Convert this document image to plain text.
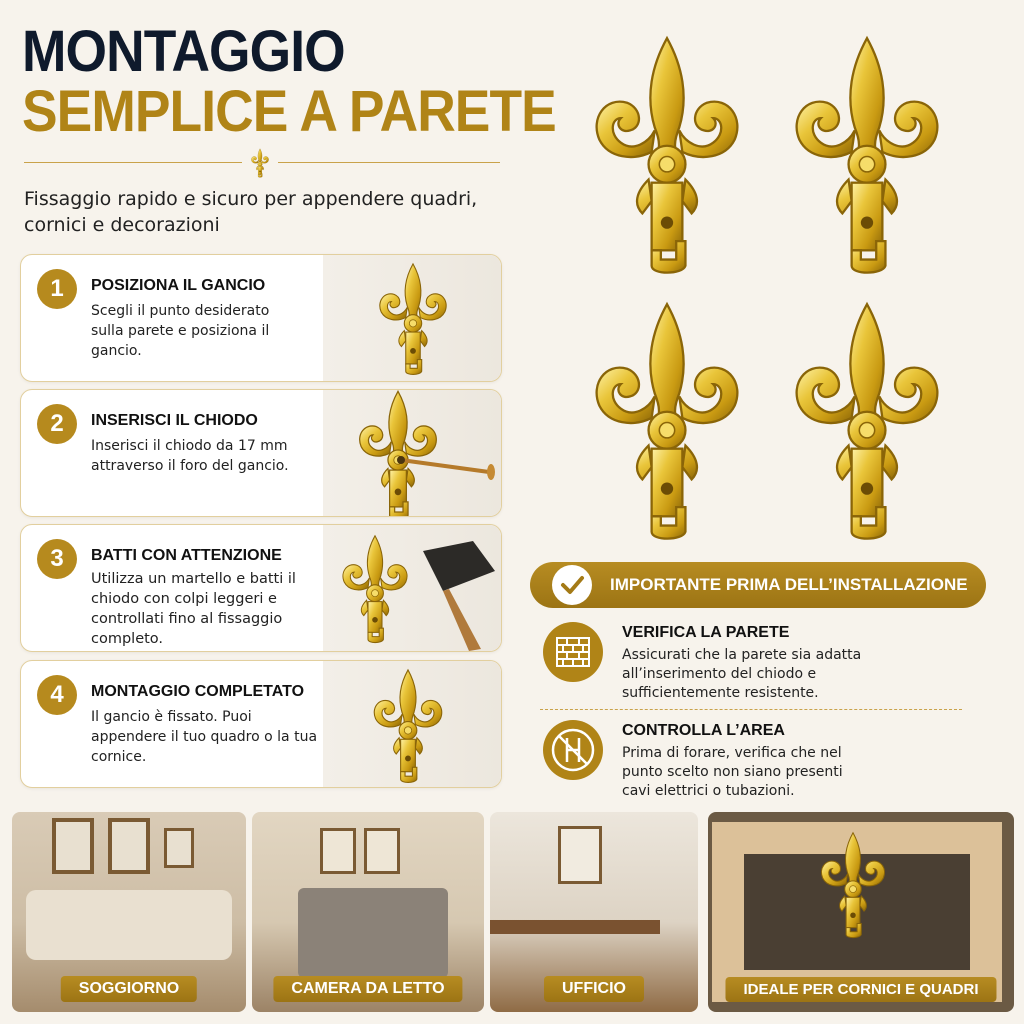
MONTAGGIO
SEMPLICE A PARETE
Fissaggio rapido e sicuro per appendere quadri, cornici e decorazioni
1	POSIZIONA IL GANCIO
Scegli il punto desiderato sulla parete e posiziona il gancio.
2	INSERISCI IL CHIODO
Inserisci il chiodo da 17 mm attraverso il foro del gancio.
3	BATTI CON ATTENZIONE
Utilizza un martello e batti il chiodo con colpi leggeri e controllati fino al fissaggio completo.
4	MONTAGGIO COMPLETATO
Il gancio è fissato. Puoi appendere il tuo quadro o la tua cornice.
IMPORTANTE PRIMA DELL’INSTALLAZIONE
VERIFICA LA PARETE
Assicurati che la parete sia adatta all’inserimento del chiodo e sufficientemente resistente.
CONTROLLA L’AREA
Prima di forare, verifica che nel punto scelto non siano presenti cavi elettrici o tubazioni.
SOGGIORNO	CAMERA DA LETTO	UFFICIO	IDEALE PER CORNICI E QUADRI
